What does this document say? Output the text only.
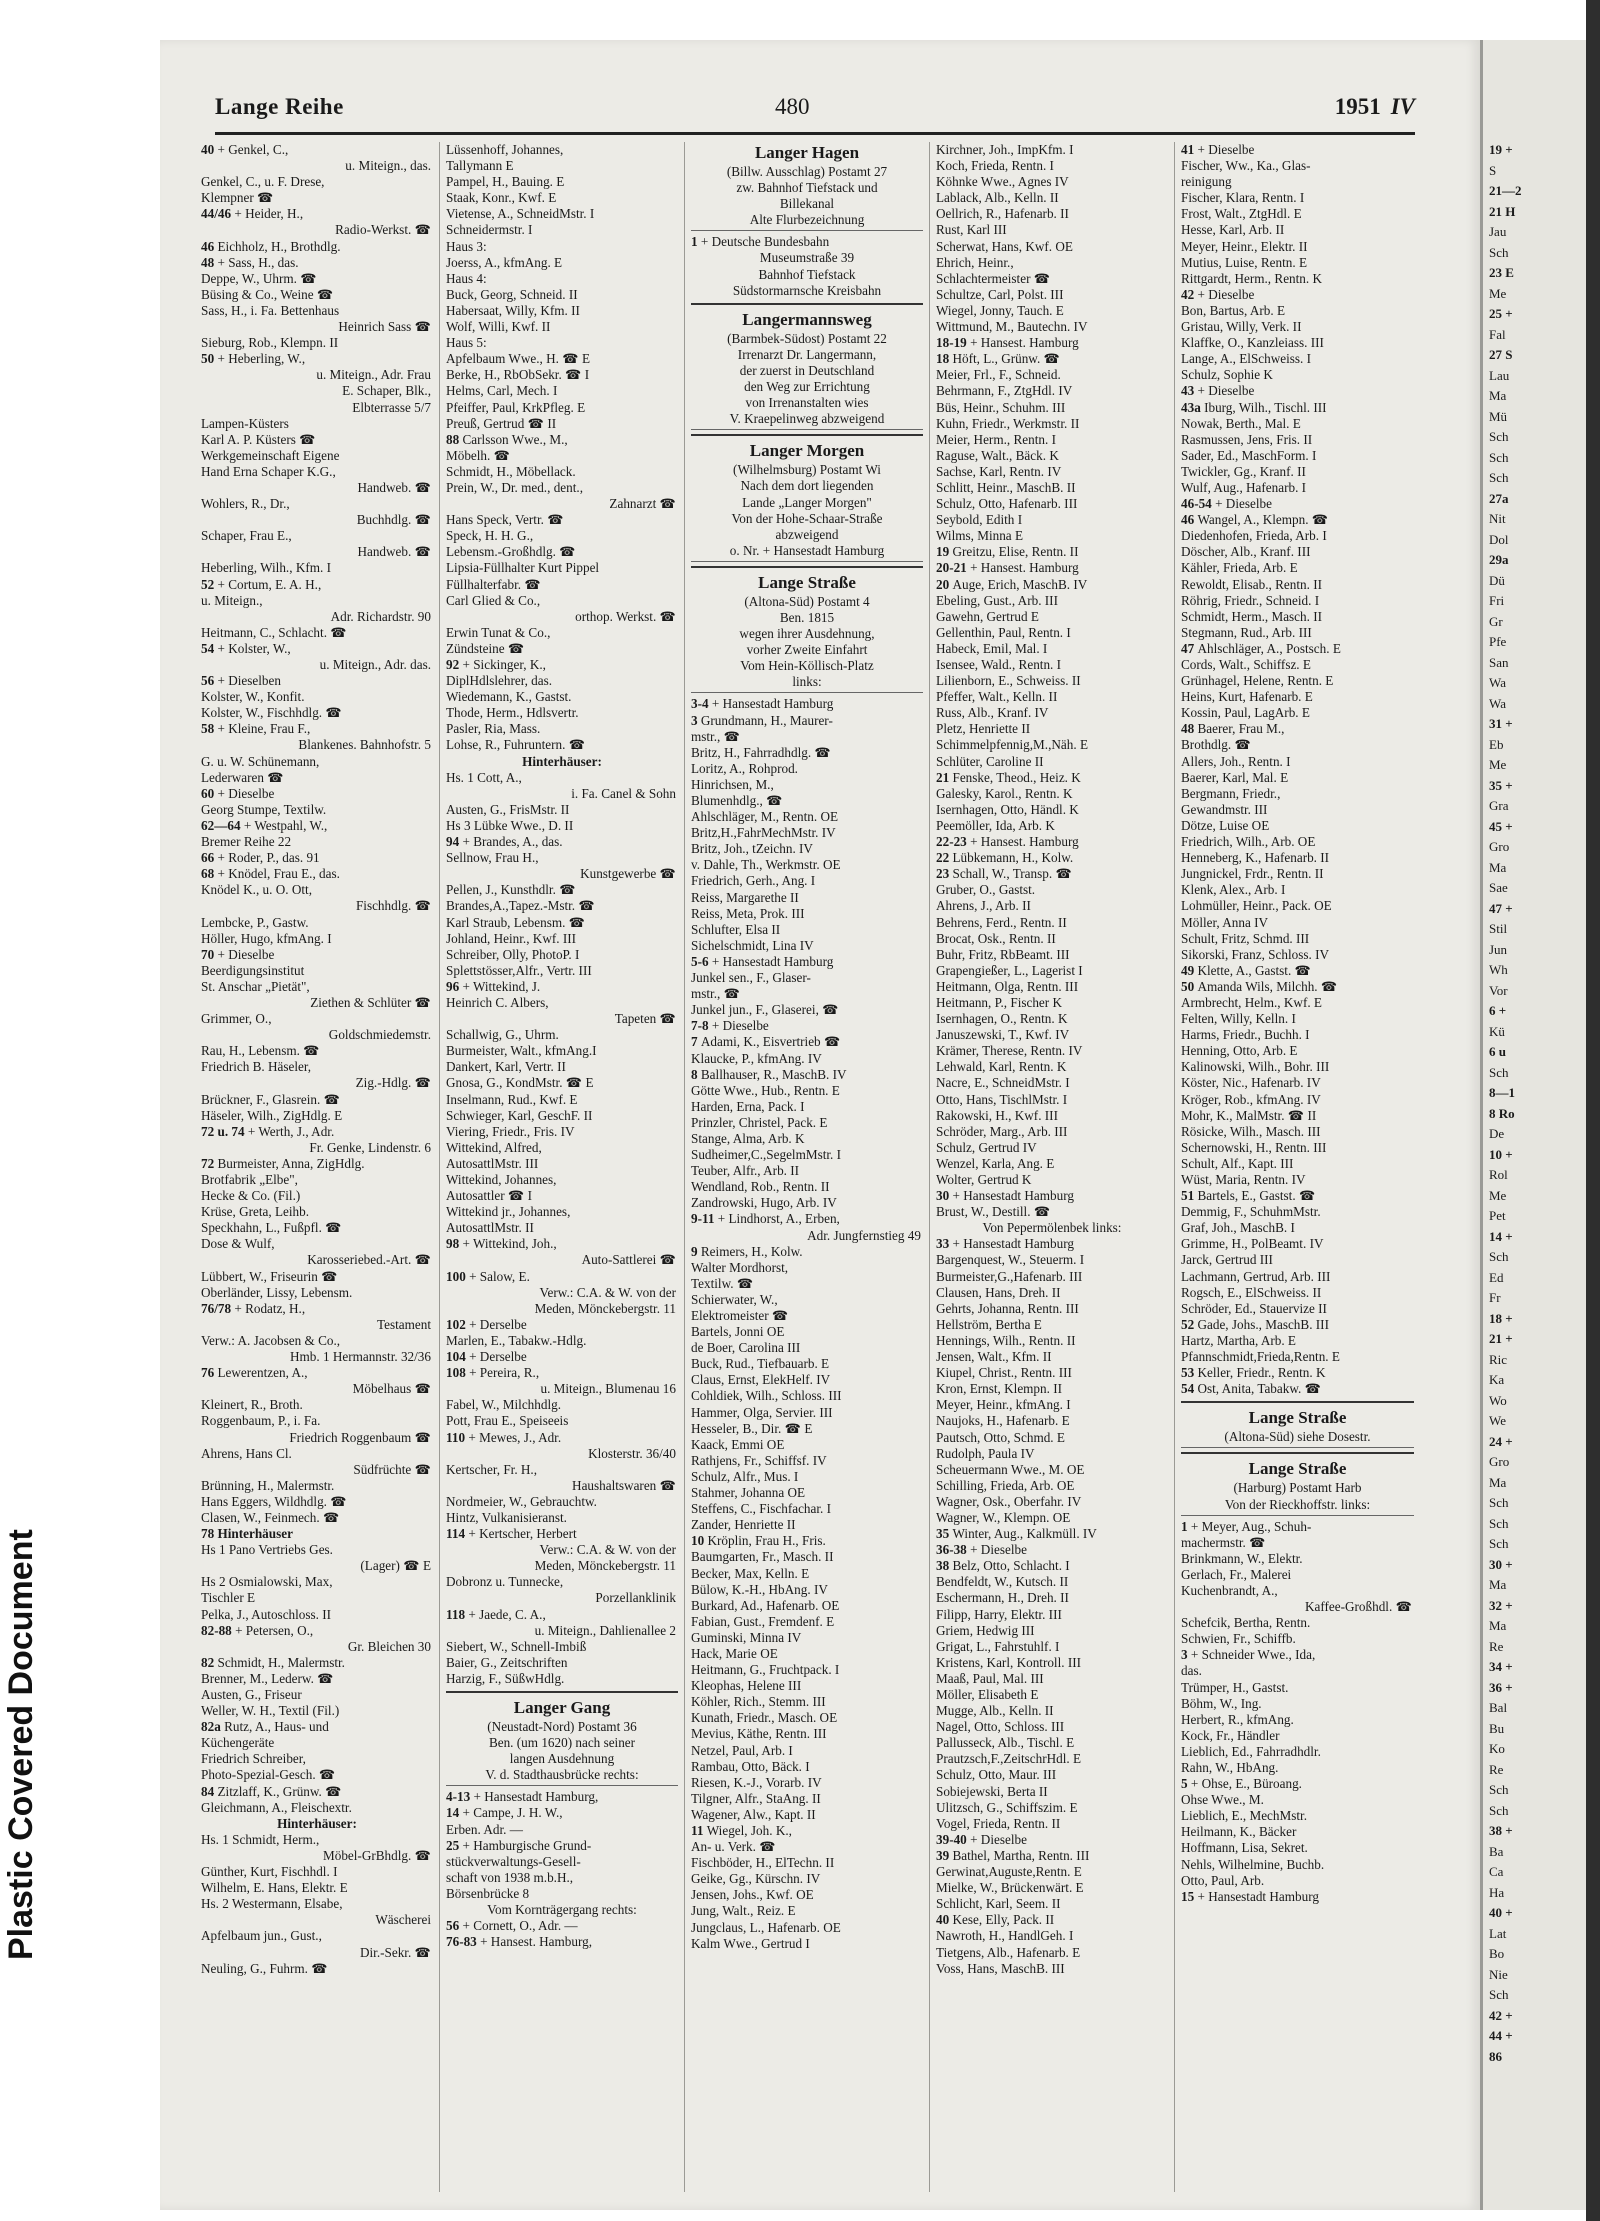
19 +
S
21—2
21 H
Jau
Sch
23 E
Me
25 +
Fal
27 S
Lau
Ma
Mü
Sch
Sch
Sch
27a
Nit
Dol
29a
Dü
Fri
Gr
Pfe
San
Wa
Wa
31 +
Eb
Me
35 +
Gra
45 +
Gro
Ma
Sae
47 +
Stil
Jun
Wh
Vor
6 +
Kü
6 u
Sch
8—1
8 Ro
De
10 +
Rol
Me
Pet
14 +
Sch
Ed
Fr
18 +
21 +
Ric
Ka
Wo
We
24 +
Gro
Ma
Sch
Sch
Sch
30 +
Ma
32 +
Ma
Re
34 +
36 +
Bal
Bu
Ko
Re
Sch
Sch
38 +
Ba
Ca
Ha
40 +
Lat
Bo
Nie
Sch
42 +
44 +
86
Plastic Covered Document
Lange Reihe	480	1951 IV
40 + Genkel, C.,
u. Miteign., das.
Genkel, C., u. F. Drese,
Klempner ☎
44/46 + Heider, H.,
Radio-Werkst. ☎
46 Eichholz, H., Brothdlg.
48 + Sass, H., das.
Deppe, W., Uhrm. ☎
Büsing & Co., Weine ☎
Sass, H., i. Fa. Bettenhaus
Heinrich Sass ☎
Sieburg, Rob., Klempn. II
50 + Heberling, W.,
u. Miteign., Adr. Frau
E. Schaper, Blk.,
Elbterrasse 5/7
Lampen-Küsters
Karl A. P. Küsters ☎
Werkgemeinschaft Eigene
Hand Erna Schaper K.G.,
Handweb. ☎
Wohlers, R., Dr.,
Buchhdlg. ☎
Schaper, Frau E.,
Handweb. ☎
Heberling, Wilh., Kfm. I
52 + Cortum, E. A. H.,
u. Miteign.,
Adr. Richardstr. 90
Heitmann, C., Schlacht. ☎
54 + Kolster, W.,
u. Miteign., Adr. das.
56 + Dieselben
Kolster, W., Konfit.
Kolster, W., Fischhdlg. ☎
58 + Kleine, Frau F.,
Blankenes. Bahnhofstr. 5
G. u. W. Schünemann,
Lederwaren ☎
60 + Dieselbe
Georg Stumpe, Textilw.
62—64 + Westpahl, W.,
Bremer Reihe 22
66 + Roder, P., das. 91
68 + Knödel, Frau E., das.
Knödel K., u. O. Ott,
Fischhdlg. ☎
Lembcke, P., Gastw.
Höller, Hugo, kfmAng. I
70 + Dieselbe
Beerdigungsinstitut
St. Anschar „Pietät",
Ziethen & Schlüter ☎
Grimmer, O.,
Goldschmiedemstr.
Rau, H., Lebensm. ☎
Friedrich B. Häseler,
Zig.-Hdlg. ☎
Brückner, F., Glasrein. ☎
Häseler, Wilh., ZigHdlg. E
72 u. 74 + Werth, J., Adr.
Fr. Genke, Lindenstr. 6
72 Burmeister, Anna, ZigHdlg.
Brotfabrik „Elbe",
Hecke & Co. (Fil.)
Krüse, Greta, Leihb.
Speckhahn, L., Fußpfl. ☎
Dose & Wulf,
Karosseriebed.-Art. ☎
Lübbert, W., Friseurin ☎
Oberländer, Lissy, Lebensm.
76/78 + Rodatz, H.,
Testament
Verw.: A. Jacobsen & Co.,
Hmb. 1 Hermannstr. 32/36
76 Lewerentzen, A.,
Möbelhaus ☎
Kleinert, R., Broth.
Roggenbaum, P., i. Fa.
Friedrich Roggenbaum ☎
Ahrens, Hans Cl.
Südfrüchte ☎
Brünning, H., Malermstr.
Hans Eggers, Wildhdlg. ☎
Clasen, W., Feinmech. ☎
78 Hinterhäuser
Hs 1 Pano Vertriebs Ges.
(Lager) ☎ E
Hs 2 Osmialowski, Max,
Tischler E
Pelka, J., Autoschloss. II
82-88 + Petersen, O.,
Gr. Bleichen 30
82 Schmidt, H., Malermstr.
Brenner, M., Lederw. ☎
Austen, G., Friseur
Weller, W. H., Textil (Fil.)
82a Rutz, A., Haus- und
Küchengeräte
Friedrich Schreiber,
Photo-Spezial-Gesch. ☎
84 Zitzlaff, K., Grünw. ☎
Gleichmann, A., Fleischextr.
Hinterhäuser:
Hs. 1 Schmidt, Herm.,
Möbel-GrBhdlg. ☎
Günther, Kurt, Fischhdl. I
Wilhelm, E. Hans, Elektr. E
Hs. 2 Westermann, Elsabe,
Wäscherei
Apfelbaum jun., Gust.,
Dir.-Sekr. ☎
Neuling, G., Fuhrm. ☎
Lüssenhoff, Johannes,
Tallymann E
Pampel, H., Bauing. E
Staak, Konr., Kwf. E
Vietense, A., SchneidMstr. I
Schneidermstr. I
Haus 3:
Joerss, A., kfmAng. E
Haus 4:
Buck, Georg, Schneid. II
Habersaat, Willy, Kfm. II
Wolf, Willi, Kwf. II
Haus 5:
Apfelbaum Wwe., H. ☎ E
Berke, H., RbObSekr. ☎ I
Helms, Carl, Mech. I
Pfeiffer, Paul, KrkPfleg. E
Preuß, Gertrud ☎ II
88 Carlsson Wwe., M.,
Möbelh. ☎
Schmidt, H., Möbellack.
Prein, W., Dr. med., dent.,
Zahnarzt ☎
Hans Speck, Vertr. ☎
Speck, H. H. G.,
Lebensm.-Großhdlg. ☎
Lipsia-Füllhalter Kurt Pippel
Füllhalterfabr. ☎
Carl Glied & Co.,
orthop. Werkst. ☎
Erwin Tunat & Co.,
Zündsteine ☎
92 + Sickinger, K.,
DiplHdlslehrer, das.
Wiedemann, K., Gastst.
Thode, Herm., Hdlsvertr.
Pasler, Ria, Mass.
Lohse, R., Fuhruntern. ☎
Hinterhäuser:
Hs. 1 Cott, A.,
i. Fa. Canel & Sohn
Austen, G., FrisMstr. II
Hs 3 Lübke Wwe., D. II
94 + Brandes, A., das.
Sellnow, Frau H.,
Kunstgewerbe ☎
Pellen, J., Kunsthdlr. ☎
Brandes,A.,Tapez.-Mstr. ☎
Karl Straub, Lebensm. ☎
Johland, Heinr., Kwf. III
Schreiber, Olly, PhotoP. I
Splettstösser,Alfr., Vertr. III
96 + Wittekind, J.
Heinrich C. Albers,
Tapeten ☎
Schallwig, G., Uhrm.
Burmeister, Walt., kfmAng.I
Dankert, Karl, Vertr. II
Gnosa, G., KondMstr. ☎ E
Inselmann, Rud., Kwf. E
Schwieger, Karl, GeschF. II
Viering, Friedr., Fris. IV
Wittekind, Alfred,
AutosattlMstr. III
Wittekind, Johannes,
Autosattler ☎ I
Wittekind jr., Johannes,
AutosattlMstr. II
98 + Wittekind, Joh.,
Auto-Sattlerei ☎
100 + Salow, E.
Verw.: C.A. & W. von der
Meden, Mönckebergstr. 11
102 + Derselbe
Marlen, E., Tabakw.-Hdlg.
104 + Derselbe
108 + Pereira, R.,
u. Miteign., Blumenau 16
Fabel, W., Milchhdlg.
Pott, Frau E., Speiseeis
110 + Mewes, J., Adr.
Klosterstr. 36/40
Kertscher, Fr. H.,
Haushaltswaren ☎
Nordmeier, W., Gebrauchtw.
Hintz, Vulkanisieranst.
114 + Kertscher, Herbert
Verw.: C.A. & W. von der
Meden, Mönckebergstr. 11
Dobronz u. Tunnecke,
Porzellanklinik
118 + Jaede, C. A.,
u. Miteign., Dahlienallee 2
Siebert, W., Schnell-Imbiß
Baier, G., Zeitschriften
Harzig, F., SüßwHdlg.
Langer Gang
(Neustadt-Nord) Postamt 36
Ben. (um 1620) nach seiner
langen Ausdehnung
V. d. Stadthausbrücke rechts:
4-13 + Hansestadt Hamburg,
14 + Campe, J. H. W.,
Erben. Adr. —
25 + Hamburgische Grund-
stückverwaltungs-Gesell-
schaft von 1938 m.b.H.,
Börsenbrücke 8
Vom Kornträgergang rechts:
56 + Cornett, O., Adr. —
76-83 + Hansest. Hamburg,
Langer Hagen
(Billw. Ausschlag) Postamt 27
zw. Bahnhof Tiefstack und
Billekanal
Alte Flurbezeichnung
1 + Deutsche Bundesbahn
Museumstraße 39
Bahnhof Tiefstack
Südstormarnsche Kreisbahn
Langermannsweg
(Barmbek-Südost) Postamt 22
Irrenarzt Dr. Langermann,
der zuerst in Deutschland
den Weg zur Errichtung
von Irrenanstalten wies
V. Kraepelinweg abzweigend
Langer Morgen
(Wilhelmsburg) Postamt Wi
Nach dem dort liegenden
Lande „Langer Morgen"
Von der Hohe-Schaar-Straße
abzweigend
o. Nr. + Hansestadt Hamburg
Lange Straße
(Altona-Süd) Postamt 4
Ben. 1815
wegen ihrer Ausdehnung,
vorher Zweite Einfahrt
Vom Hein-Köllisch-Platz
links:
3-4 + Hansestadt Hamburg
3 Grundmann, H., Maurer-
mstr., ☎
Britz, H., Fahrradhdlg. ☎
Loritz, A., Rohprod.
Hinrichsen, M.,
Blumenhdlg., ☎
Ahlschläger, M., Rentn. OE
Britz,H.,FahrMechMstr. IV
Britz, Joh., tZeichn. IV
v. Dahle, Th., Werkmstr. OE
Friedrich, Gerh., Ang. I
Reiss, Margarethe II
Reiss, Meta, Prok. III
Schlufter, Elsa II
Sichelschmidt, Lina IV
5-6 + Hansestadt Hamburg
Junkel sen., F., Glaser-
mstr., ☎
Junkel jun., F., Glaserei, ☎
7-8 + Dieselbe
7 Adami, K., Eisvertrieb ☎
Klaucke, P., kfmAng. IV
8 Ballhauser, R., MaschB. IV
Götte Wwe., Hub., Rentn. E
Harden, Erna, Pack. I
Prinzler, Christel, Pack. E
Stange, Alma, Arb. K
Sudheimer,C.,SegelmMstr. I
Teuber, Alfr., Arb. II
Wendland, Rob., Rentn. II
Zandrowski, Hugo, Arb. IV
9-11 + Lindhorst, A., Erben,
Adr. Jungfernstieg 49
9 Reimers, H., Kolw.
Walter Mordhorst,
Textilw. ☎
Schierwater, W.,
Elektromeister ☎
Bartels, Jonni OE
de Boer, Carolina III
Buck, Rud., Tiefbauarb. E
Claus, Ernst, ElekHelf. IV
Cohldiek, Wilh., Schloss. III
Hammer, Olga, Servier. III
Hesseler, B., Dir. ☎ E
Kaack, Emmi OE
Rathjens, Fr., Schiffsf. IV
Schulz, Alfr., Mus. I
Stahmer, Johanna OE
Steffens, C., Fischfachar. I
Zander, Henriette II
10 Kröplin, Frau H., Fris.
Baumgarten, Fr., Masch. II
Becker, Max, Kelln. E
Bülow, K.-H., HbAng. IV
Burkard, Ad., Hafenarb. OE
Fabian, Gust., Fremdenf. E
Guminski, Minna IV
Hack, Marie OE
Heitmann, G., Fruchtpack. I
Kleophas, Helene III
Köhler, Rich., Stemm. III
Kunath, Friedr., Masch. OE
Mevius, Käthe, Rentn. III
Netzel, Paul, Arb. I
Rambau, Otto, Bäck. I
Riesen, K.-J., Vorarb. IV
Tilgner, Alfr., StaAng. II
Wagener, Alw., Kapt. II
11 Wiegel, Joh. K.,
An- u. Verk. ☎
Fischböder, H., ElTechn. II
Geike, Gg., Kürschn. IV
Jensen, Johs., Kwf. OE
Jung, Walt., Reiz. E
Jungclaus, L., Hafenarb. OE
Kalm Wwe., Gertrud I
Kirchner, Joh., ImpKfm. I
Koch, Frieda, Rentn. I
Köhnke Wwe., Agnes IV
Lablack, Alb., Kelln. II
Oellrich, R., Hafenarb. II
Rust, Karl III
Scherwat, Hans, Kwf. OE
Ehrich, Heinr.,
Schlachtermeister ☎
Schultze, Carl, Polst. III
Wiegel, Jonny, Tauch. E
Wittmund, M., Bautechn. IV
18-19 + Hansest. Hamburg
18 Höft, L., Grünw. ☎
Meier, Frl., F., Schneid.
Behrmann, F., ZtgHdl. IV
Büs, Heinr., Schuhm. III
Kuhn, Friedr., Werkmstr. II
Meier, Herm., Rentn. I
Raguse, Walt., Bäck. K
Sachse, Karl, Rentn. IV
Schlitt, Heinr., MaschB. II
Schulz, Otto, Hafenarb. III
Seybold, Edith I
Wilms, Minna E
19 Greitzu, Elise, Rentn. II
20-21 + Hansest. Hamburg
20 Auge, Erich, MaschB. IV
Ebeling, Gust., Arb. III
Gawehn, Gertrud E
Gellenthin, Paul, Rentn. I
Habeck, Emil, Mal. I
Isensee, Wald., Rentn. I
Lilienborn, E., Schweiss. II
Pfeffer, Walt., Kelln. II
Russ, Alb., Kranf. IV
Pletz, Henriette II
Schimmelpfennig,M.,Näh. E
Schlüter, Caroline II
21 Fenske, Theod., Heiz. K
Galesky, Karol., Rentn. K
Isernhagen, Otto, Händl. K
Peemöller, Ida, Arb. K
22-23 + Hansest. Hamburg
22 Lübkemann, H., Kolw.
23 Schall, W., Transp. ☎
Gruber, O., Gastst.
Ahrens, J., Arb. II
Behrens, Ferd., Rentn. II
Brocat, Osk., Rentn. II
Buhr, Fritz, RbBeamt. III
Grapengießer, L., Lagerist I
Heitmann, Olga, Rentn. III
Heitmann, P., Fischer K
Isernhagen, O., Rentn. K
Januszewski, T., Kwf. IV
Krämer, Therese, Rentn. IV
Lehwald, Karl, Rentn. K
Nacre, E., SchneidMstr. I
Otto, Hans, TischlMstr. I
Rakowski, H., Kwf. III
Schröder, Marg., Arb. III
Schulz, Gertrud IV
Wenzel, Karla, Ang. E
Wolter, Gertrud K
30 + Hansestadt Hamburg
Brust, W., Destill. ☎
Von Pepermölenbek links:
33 + Hansestadt Hamburg
Bargenquest, W., Steuerm. I
Burmeister,G.,Hafenarb. III
Clausen, Hans, Dreh. II
Gehrts, Johanna, Rentn. III
Hellström, Bertha E
Hennings, Wilh., Rentn. II
Jensen, Walt., Kfm. II
Kiupel, Christ., Rentn. III
Kron, Ernst, Klempn. II
Meyer, Heinr., kfmAng. I
Naujoks, H., Hafenarb. E
Pautsch, Otto, Schmd. E
Rudolph, Paula IV
Scheuermann Wwe., M. OE
Schilling, Frieda, Arb. OE
Wagner, Osk., Oberfahr. IV
Wagner, W., Klempn. OE
35 Winter, Aug., Kalkmüll. IV
36-38 + Dieselbe
38 Belz, Otto, Schlacht. I
Bendfeldt, W., Kutsch. II
Eschermann, H., Dreh. II
Filipp, Harry, Elektr. III
Griem, Hedwig III
Grigat, L., Fahrstuhlf. I
Kristens, Karl, Kontroll. III
Maaß, Paul, Mal. III
Möller, Elisabeth E
Mugge, Alb., Kelln. II
Nagel, Otto, Schloss. III
Pallusseck, Alb., Tischl. E
Prautzsch,F.,ZeitschrHdl. E
Schulz, Otto, Maur. III
Sobiejewski, Berta II
Ulitzsch, G., Schiffszim. E
Vogel, Frieda, Rentn. II
39-40 + Dieselbe
39 Bathel, Martha, Rentn. III
Gerwinat,Auguste,Rentn. E
Mielke, W., Brückenwärt. E
Schlicht, Karl, Seem. II
40 Kese, Elly, Pack. II
Nawroth, H., HandlGeh. I
Tietgens, Alb., Hafenarb. E
Voss, Hans, MaschB. III
41 + Dieselbe
Fischer, Ww., Ka., Glas-
reinigung
Fischer, Klara, Rentn. I
Frost, Walt., ZtgHdl. E
Hesse, Karl, Arb. II
Meyer, Heinr., Elektr. II
Mutius, Luise, Rentn. E
Rittgardt, Herm., Rentn. K
42 + Dieselbe
Bon, Bartus, Arb. E
Gristau, Willy, Verk. II
Klaffke, O., Kanzleiass. III
Lange, A., ElSchweiss. I
Schulz, Sophie K
43 + Dieselbe
43a Iburg, Wilh., Tischl. III
Nowak, Berth., Mal. E
Rasmussen, Jens, Fris. II
Sader, Ed., MaschForm. I
Twickler, Gg., Kranf. II
Wulf, Aug., Hafenarb. I
46-54 + Dieselbe
46 Wangel, A., Klempn. ☎
Diedenhofen, Frieda, Arb. I
Döscher, Alb., Kranf. III
Kähler, Frieda, Arb. E
Rewoldt, Elisab., Rentn. II
Röhrig, Friedr., Schneid. I
Schmidt, Herm., Masch. II
Stegmann, Rud., Arb. III
47 Ahlschläger, A., Postsch. E
Cords, Walt., Schiffsz. E
Grünhagel, Helene, Rentn. E
Heins, Kurt, Hafenarb. E
Kossin, Paul, LagArb. E
48 Baerer, Frau M.,
Brothdlg. ☎
Allers, Joh., Rentn. I
Baerer, Karl, Mal. E
Bergmann, Friedr.,
Gewandmstr. III
Dötze, Luise OE
Friedrich, Wilh., Arb. OE
Henneberg, K., Hafenarb. II
Jungnickel, Frdr., Rentn. II
Klenk, Alex., Arb. I
Lohmüller, Heinr., Pack. OE
Möller, Anna IV
Schult, Fritz, Schmd. III
Sikorski, Franz, Schloss. IV
49 Klette, A., Gastst. ☎
50 Amanda Wils, Milchh. ☎
Armbrecht, Helm., Kwf. E
Felten, Willy, Kelln. I
Harms, Friedr., Buchh. I
Henning, Otto, Arb. E
Kalinowski, Wilh., Bohr. III
Köster, Nic., Hafenarb. IV
Kröger, Rob., kfmAng. IV
Mohr, K., MalMstr. ☎ II
Rösicke, Wilh., Masch. III
Schernowski, H., Rentn. III
Schult, Alf., Kapt. III
Wüst, Maria, Rentn. IV
51 Bartels, E., Gastst. ☎
Demmig, F., SchuhmMstr.
Graf, Joh., MaschB. I
Grimme, H., PolBeamt. IV
Jarck, Gertrud III
Lachmann, Gertrud, Arb. III
Rogsch, E., ElSchweiss. II
Schröder, Ed., Stauervize II
52 Gade, Johs., MaschB. III
Hartz, Martha, Arb. E
Pfannschmidt,Frieda,Rentn. E
53 Keller, Friedr., Rentn. K
54 Ost, Anita, Tabakw. ☎
Lange Straße
(Altona-Süd) siehe Dosestr.
Lange Straße
(Harburg) Postamt Harb
Von der Rieckhoffstr. links:
1 + Meyer, Aug., Schuh-
machermstr. ☎
Brinkmann, W., Elektr.
Gerlach, Fr., Malerei
Kuchenbrandt, A.,
Kaffee-Großhdl. ☎
Schefcik, Bertha, Rentn.
Schwien, Fr., Schiffb.
3 + Schneider Wwe., Ida,
das.
Trümper, H., Gastst.
Böhm, W., Ing.
Herbert, R., kfmAng.
Kock, Fr., Händler
Lieblich, Ed., Fahrradhdlr.
Rahn, W., HbAng.
5 + Ohse, E., Büroang.
Ohse Wwe., M.
Lieblich, E., MechMstr.
Heilmann, K., Bäcker
Hoffmann, Lisa, Sekret.
Nehls, Wilhelmine, Buchb.
Otto, Paul, Arb.
15 + Hansestadt Hamburg
